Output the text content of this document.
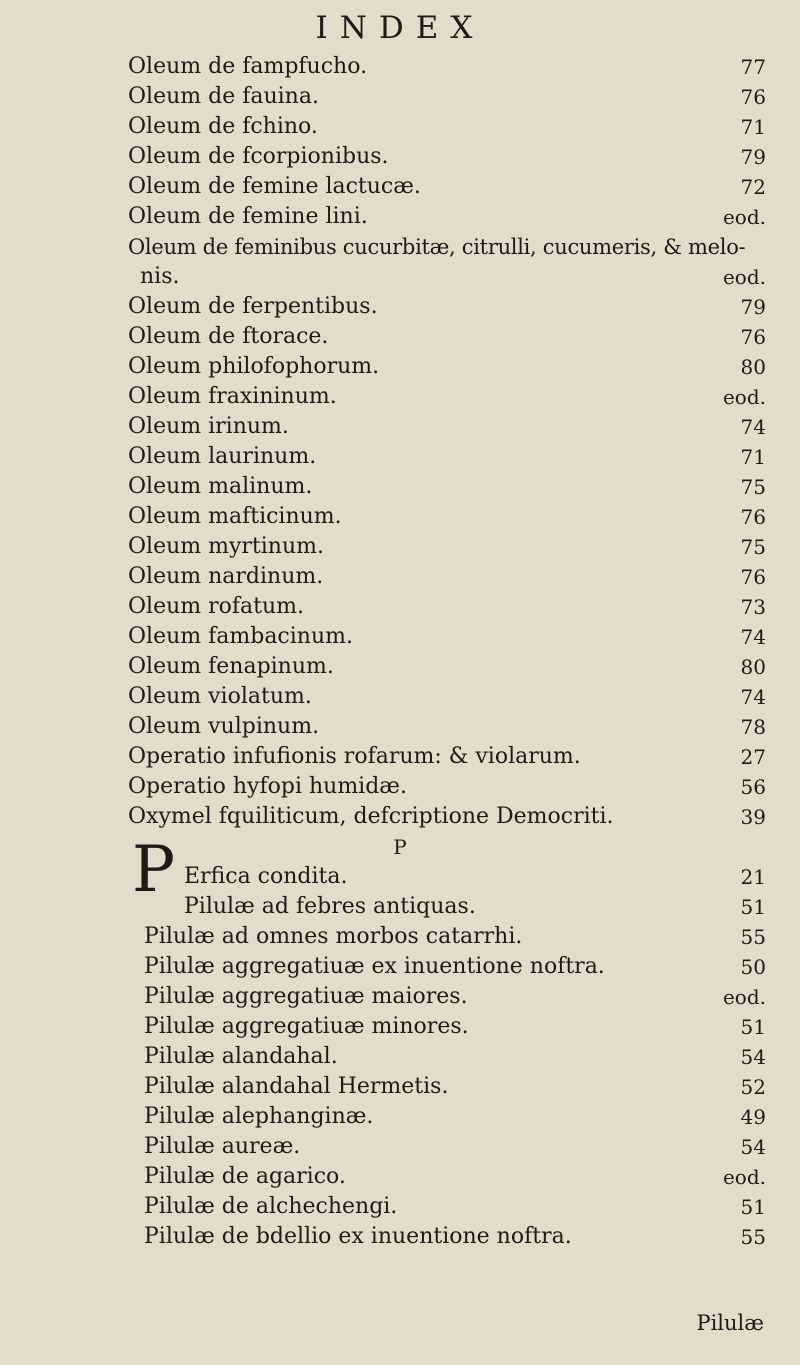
INDEX
Oleum de fampfucho.	77
Oleum de fauina.	76
Oleum de fchino.	71
Oleum de fcorpionibus.	79
Oleum de femine lactucæ.	72
Oleum de femine lini.	eod.
Oleum de feminibus cucurbitæ, citrulli, cucumeris, & melo-
nis.	eod.
Oleum de ferpentibus.	79
Oleum de ftorace.	76
Oleum philofophorum.	80
Oleum fraxininum.	eod.
Oleum irinum.	74
Oleum laurinum.	71
Oleum malinum.	75
Oleum mafticinum.	76
Oleum myrtinum.	75
Oleum nardinum.	76
Oleum rofatum.	73
Oleum fambacinum.	74
Oleum fenapinum.	80
Oleum violatum.	74
Oleum vulpinum.	78
Operatio infufionis rofarum: & violarum.	27
Operatio hyfopi humidæ.	56
Oxymel fquiliticum, defcriptione Democriti.	39
P
Erfica condita.	21
Pilulæ ad febres antiquas.	51
Pilulæ ad omnes morbos catarrhi.	55
Pilulæ aggregatiuæ ex inuentione noftra.	50
Pilulæ aggregatiuæ maiores.	eod.
Pilulæ aggregatiuæ minores.	51
Pilulæ alandahal.	54
Pilulæ alandahal Hermetis.	52
Pilulæ alephanginæ.	49
Pilulæ aureæ.	54
Pilulæ de agarico.	eod.
Pilulæ de alchechengi.	51
Pilulæ de bdellio ex inuentione noftra.	55
P
Pilulæ
